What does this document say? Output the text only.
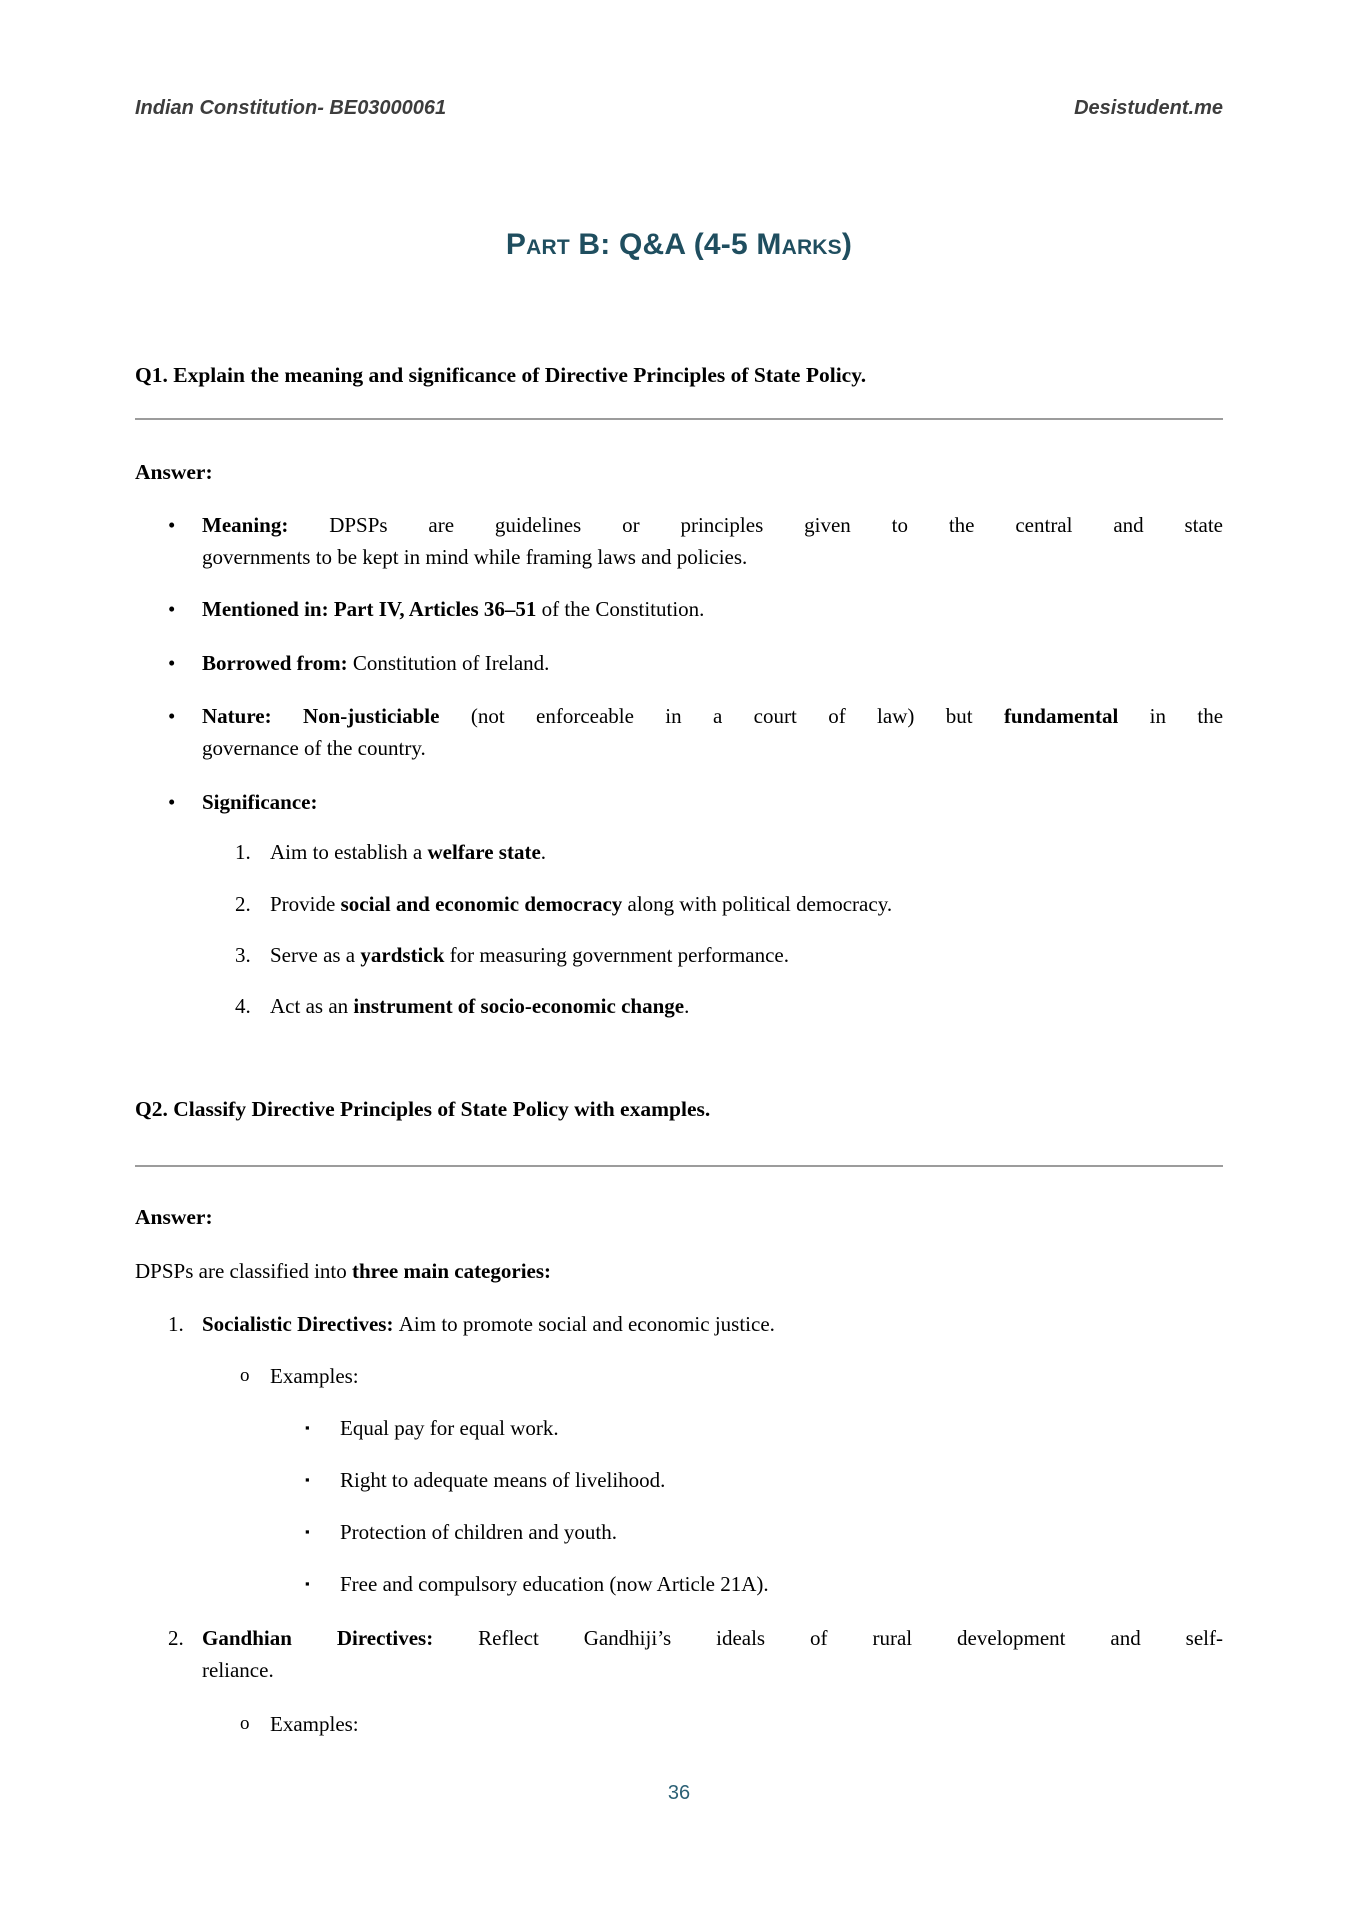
Indian Constitution- BE03000061	Desistudent.me
Part B: Q&A (4-5 Marks)
Q1. Explain the meaning and significance of Directive Principles of State Policy.
Answer:
•	Meaning: DPSPs are guidelines or principles given to the central and state
governments to be kept in mind while framing laws and policies.
•	Mentioned in: Part IV, Articles 36–51 of the Constitution.
•	Borrowed from: Constitution of Ireland.
•	Nature: Non-justiciable (not enforceable in a court of law) but fundamental in the
governance of the country.
•	Significance:
1. Aim to establish a welfare state.
2. Provide social and economic democracy along with political democracy.
3. Serve as a yardstick for measuring government performance.
4. Act as an instrument of socio-economic change.
Q2. Classify Directive Principles of State Policy with examples.
Answer:
DPSPs are classified into three main categories:
1. Socialistic Directives: Aim to promote social and economic justice.
o Examples:
▪	Equal pay for equal work.
▪	Right to adequate means of livelihood.
▪	Protection of children and youth.
▪	Free and compulsory education (now Article 21A).
2. Gandhian Directives: Reflect Gandhiji’s ideals of rural development and self-
reliance.
o Examples:
36
